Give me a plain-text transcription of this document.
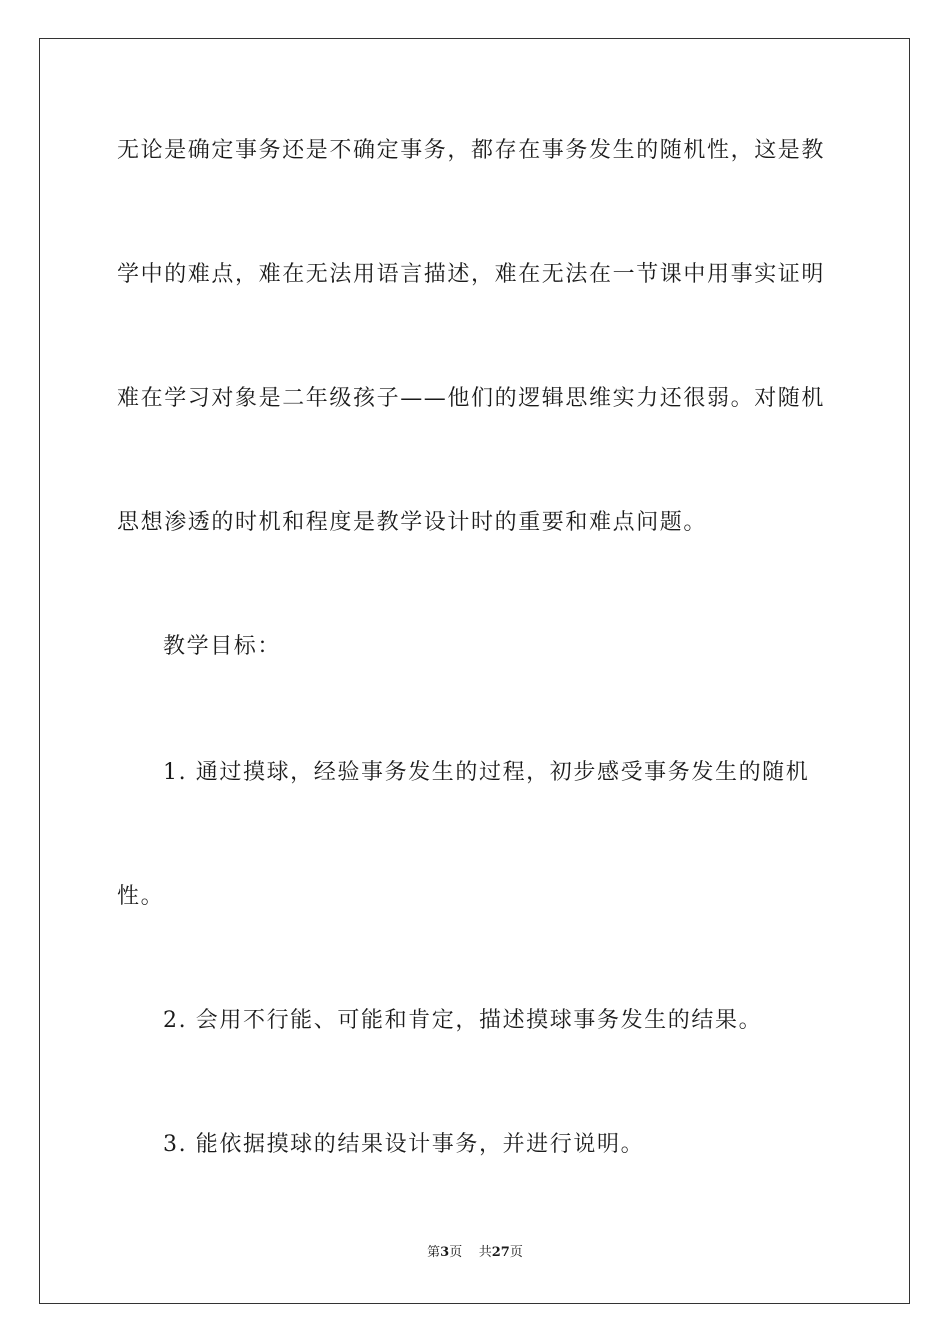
无论是确定事务还是不确定事务，都存在事务发生的随机性，这是教
学中的难点，难在无法用语言描述，难在无法在一节课中用事实证明
难在学习对象是二年级孩子——他们的逻辑思维实力还很弱。对随机
思想渗透的时机和程度是教学设计时的重要和难点问题。
教学目标：
1. 通过摸球，经验事务发生的过程，初步感受事务发生的随机
性。
2. 会用不行能、可能和肯定，描述摸球事务发生的结果。
3. 能依据摸球的结果设计事务，并进行说明。
第3页 共27页
